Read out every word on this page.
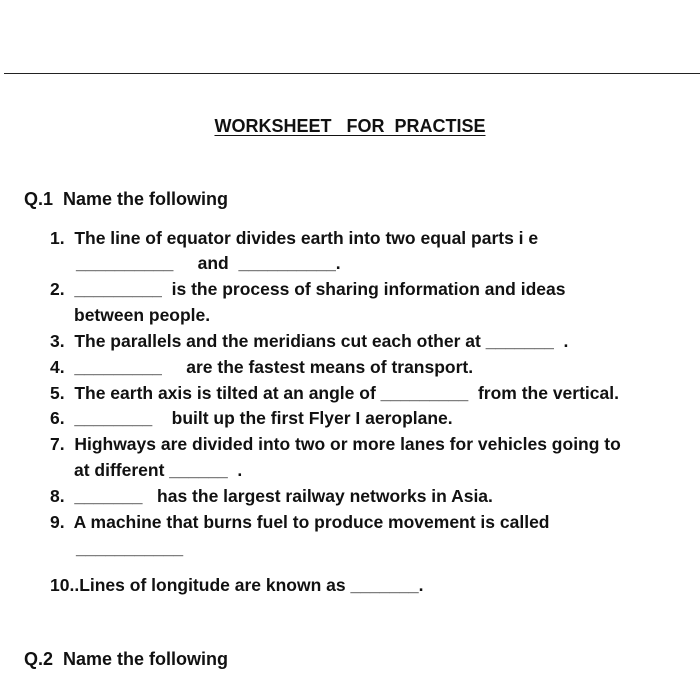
WORKSHEET   FOR  PRACTISE
Q.1  Name the following
1.  The line of equator divides earth into two equal parts i e
__________     and  __________.
2.  _________  is the process of sharing information and ideas
between people.
3.  The parallels and the meridians cut each other at _______  .
4.  _________     are the fastest means of transport.
5.  The earth axis is tilted at an angle of _________  from the vertical.
6.  ________    built up the first Flyer I aeroplane.
7.  Highways are divided into two or more lanes for vehicles going to
at different ______  .
8.  _______   has the largest railway networks in Asia.
9.  A machine that burns fuel to produce movement is called
___________
10..Lines of longitude are known as _______.
Q.2  Name the following
